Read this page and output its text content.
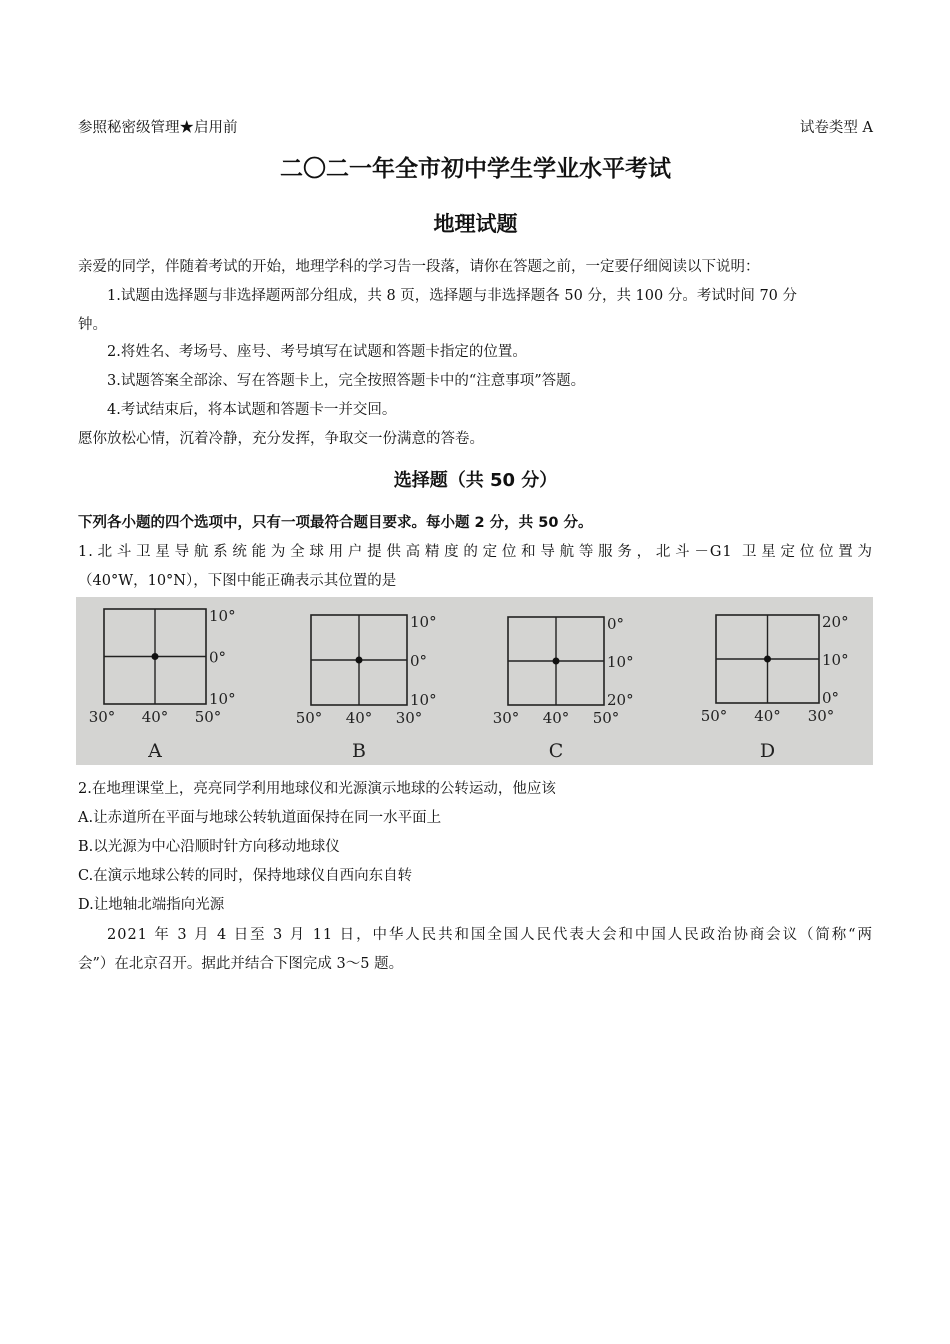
参照秘密级管理★启用前	试卷类型 A
二〇二一年全市初中学生学业水平考试
地理试题
亲爱的同学，伴随着考试的开始，地理学科的学习告一段落，请你在答题之前，一定要仔细阅读以下说明：
1.试题由选择题与非选择题两部分组成，共 8 页，选择题与非选择题各 50 分，共 100 分。考试时间 70 分
钟。
2.将姓名、考场号、座号、考号填写在试题和答题卡指定的位置。
3.试题答案全部涂、写在答题卡上，完全按照答题卡中的“注意事项”答题。
4.考试结束后，将本试题和答题卡一并交回。
愿你放松心情，沉着冷静，充分发挥，争取交一份满意的答卷。
选择题（共 50 分）
下列各小题的四个选项中，只有一项最符合题目要求。每小题 2 分，共 50 分。
1.北斗卫星导航系统能为全球用户提供高精度的定位和导航等服务，北斗－G1 卫星定位位置为
（40°W，10°N），下图中能正确表示其位置的是
10°
0°
10°
30° 40° 50°
A
10°
0°
10°
50° 40° 30°
B
0°
10°
20°
30° 40° 50°
C
20°
10°
0°
50° 40° 30°
D
2.在地理课堂上，亮亮同学利用地球仪和光源演示地球的公转运动，他应该
A.让赤道所在平面与地球公转轨道面保持在同一水平面上
B.以光源为中心沿顺时针方向移动地球仪
C.在演示地球公转的同时，保持地球仪自西向东自转
D.让地轴北端指向光源
2021 年 3 月 4 日至 3 月 11 日，中华人民共和国全国人民代表大会和中国人民政治协商会议（简称“两
会”）在北京召开。据此并结合下图完成 3～5 题。
